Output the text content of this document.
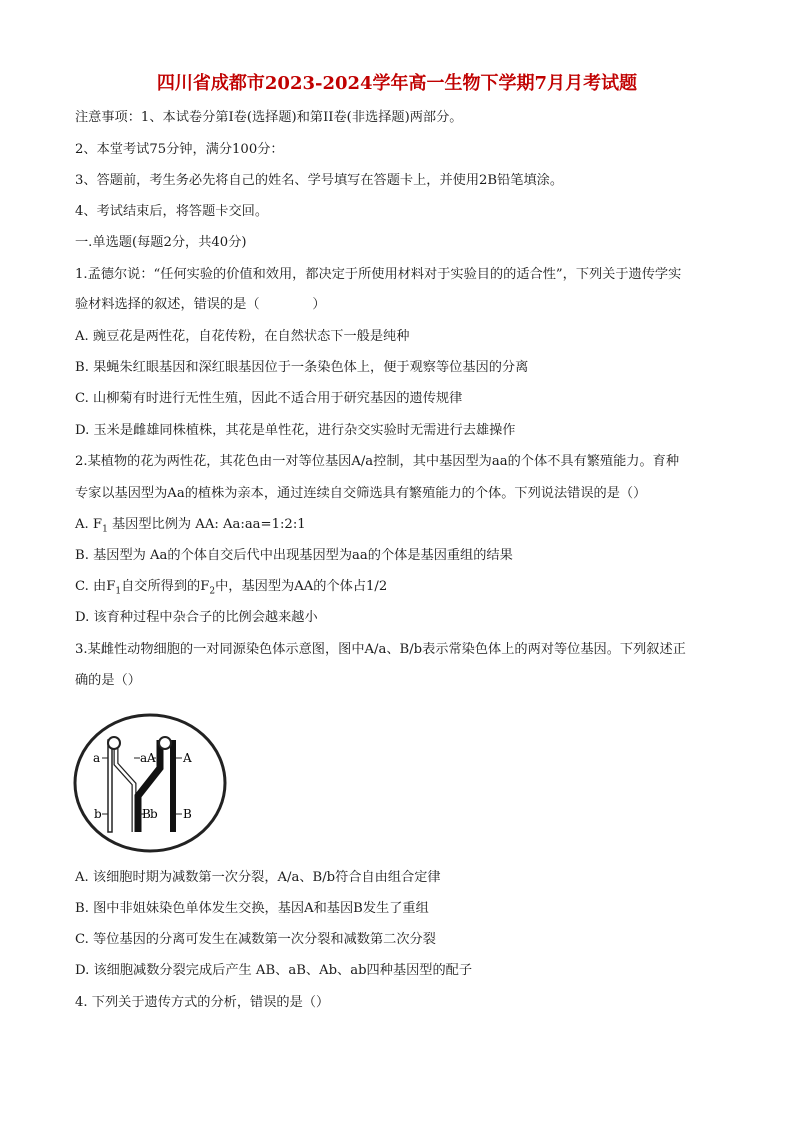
四川省成都市2023-2024学年高一生物下学期7月月考试题
注意事项：1、本试卷分第Ⅰ卷(选择题)和第II卷(非选择题)两部分。
2、本堂考试75分钟，满分100分：
3、答题前，考生务必先将自己的姓名、学号填写在答题卡上，并使用2B铅笔填涂。
4、考试结束后，将答题卡交回。
一.单选题(每题2分，共40分)
1.孟德尔说：“任何实验的价值和效用，都决定于所使用材料对于实验目的的适合性”，下列关于遗传学实
验材料选择的叙述，错误的是（　　　　）
A. 豌豆花是两性花，自花传粉，在自然状态下一般是纯种
B. 果蝇朱红眼基因和深红眼基因位于一条染色体上，便于观察等位基因的分离
C. 山柳菊有时进行无性生殖，因此不适合用于研究基因的遗传规律
D. 玉米是雌雄同株植株，其花是单性花，进行杂交实验时无需进行去雄操作
2.某植物的花为两性花，其花色由一对等位基因A/a控制，其中基因型为aa的个体不具有繁殖能力。育种
专家以基因型为Aa的植株为亲本，通过连续自交筛选具有繁殖能力的个体。下列说法错误的是（）
A. $F_1$ 基因型比例为 AA: Aa:aa=1:2:1
B. 基因型为 Aa的个体自交后代中出现基因型为aa的个体是基因重组的结果
C. 由$F_1$自交所得到的$F_2$中，基因型为AA的个体占1/2
D. 该育种过程中杂合子的比例会越来越小
3.某雌性动物细胞的一对同源染色体示意图，图中A/a、B/b表示常染色体上的两对等位基因。下列叙述正
确的是（）
a	a A A
b	B b B
A. 该细胞时期为减数第一次分裂，A/a、B/b符合自由组合定律
B. 图中非姐妹染色单体发生交换，基因A和基因B发生了重组
C. 等位基因的分离可发生在减数第一次分裂和减数第二次分裂
D. 该细胞减数分裂完成后产生 AB、aB、Ab、ab四种基因型的配子
4. 下列关于遗传方式的分析，错误的是（）
